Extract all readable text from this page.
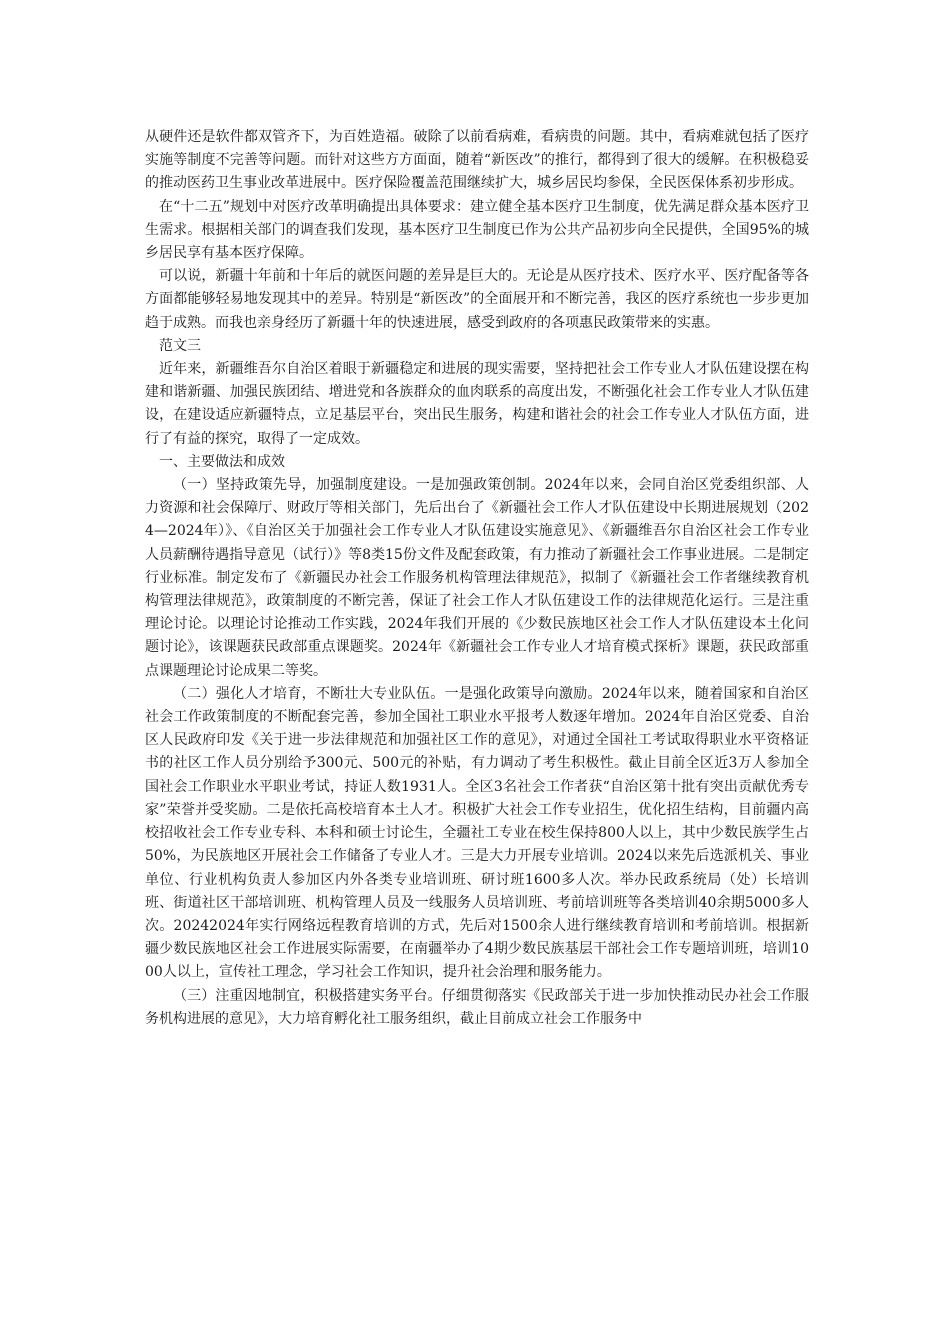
从硬件还是软件都双管齐下，为百姓造福。破除了以前看病难，看病贵的问题。其中，看病难就包括了医疗实施等制度不完善等问题。而针对这些方方面面，随着“新医改”的推行，都得到了很大的缓解。在积极稳妥的推动医药卫生事业改革进展中。医疗保险覆盖范围继续扩大，城乡居民均参保，全民医保体系初步形成。

在“十二五”规划中对医疗改革明确提出具体要求：建立健全基本医疗卫生制度，优先满足群众基本医疗卫生需求。根据相关部门的调查我们发现，基本医疗卫生制度已作为公共产品初步向全民提供，全国95%的城乡居民享有基本医疗保障。

可以说，新疆十年前和十年后的就医问题的差异是巨大的。无论是从医疗技术、医疗水平、医疗配备等各方面都能够轻易地发现其中的差异。特别是“新医改”的全面展开和不断完善，我区的医疗系统也一步步更加趋于成熟。而我也亲身经历了新疆十年的快速进展，感受到政府的各项惠民政策带来的实惠。

范文三

近年来，新疆维吾尔自治区着眼于新疆稳定和进展的现实需要，坚持把社会工作专业人才队伍建设摆在构建和谐新疆、加强民族团结、增进党和各族群众的血肉联系的高度出发，不断强化社会工作专业人才队伍建设，在建设适应新疆特点，立足基层平台，突出民生服务，构建和谐社会的社会工作专业人才队伍方面，进行了有益的探究，取得了一定成效。

一、主要做法和成效

（一）坚持政策先导，加强制度建设。一是加强政策创制。2024年以来，会同自治区党委组织部、人力资源和社会保障厅、财政厅等相关部门，先后出台了《新疆社会工作人才队伍建设中长期进展规划（2024—2024年）》、《自治区关于加强社会工作专业人才队伍建设实施意见》、《新疆维吾尔自治区社会工作专业人员薪酬待遇指导意见（试行）》等8类15份文件及配套政策，有力推动了新疆社会工作事业进展。二是制定行业标准。制定发布了《新疆民办社会工作服务机构管理法律规范》，拟制了《新疆社会工作者继续教育机构管理法律规范》，政策制度的不断完善，保证了社会工作人才队伍建设工作的法律规范化运行。三是注重理论讨论。以理论讨论推动工作实践，2024年我们开展的《少数民族地区社会工作人才队伍建设本土化问题讨论》，该课题获民政部重点课题奖。2024年《新疆社会工作专业人才培育模式探析》课题，获民政部重点课题理论讨论成果二等奖。

（二）强化人才培育，不断壮大专业队伍。一是强化政策导向激励。2024年以来，随着国家和自治区社会工作政策制度的不断配套完善，参加全国社工职业水平报考人数逐年增加。2024年自治区党委、自治区人民政府印发《关于进一步法律规范和加强社区工作的意见》，对通过全国社工考试取得职业水平资格证书的社区工作人员分别给予300元、500元的补贴，有力调动了考生积极性。截止目前全区近3万人参加全国社会工作职业水平职业考试，持证人数1931人。全区3名社会工作者获“自治区第十批有突出贡献优秀专家”荣誉并受奖励。二是依托高校培育本土人才。积极扩大社会工作专业招生，优化招生结构，目前疆内高校招收社会工作专业专科、本科和硕士讨论生，全疆社工专业在校生保持800人以上，其中少数民族学生占50%，为民族地区开展社会工作储备了专业人才。三是大力开展专业培训。2024以来先后选派机关、事业单位、行业机构负责人参加区内外各类专业培训班、研讨班1600多人次。举办民政系统局（处）长培训班、街道社区干部培训班、机构管理人员及一线服务人员培训班、考前培训班等各类培训40余期5000多人次。20242024年实行网络远程教育培训的方式，先后对1500余人进行继续教育培训和考前培训。根据新疆少数民族地区社会工作进展实际需要，在南疆举办了4期少数民族基层干部社会工作专题培训班，培训1000人以上，宣传社工理念，学习社会工作知识，提升社会治理和服务能力。

（三）注重因地制宜，积极搭建实务平台。仔细贯彻落实《民政部关于进一步加快推动民办社会工作服务机构进展的意见》，大力培育孵化社工服务组织，截止目前成立社会工作服务中
